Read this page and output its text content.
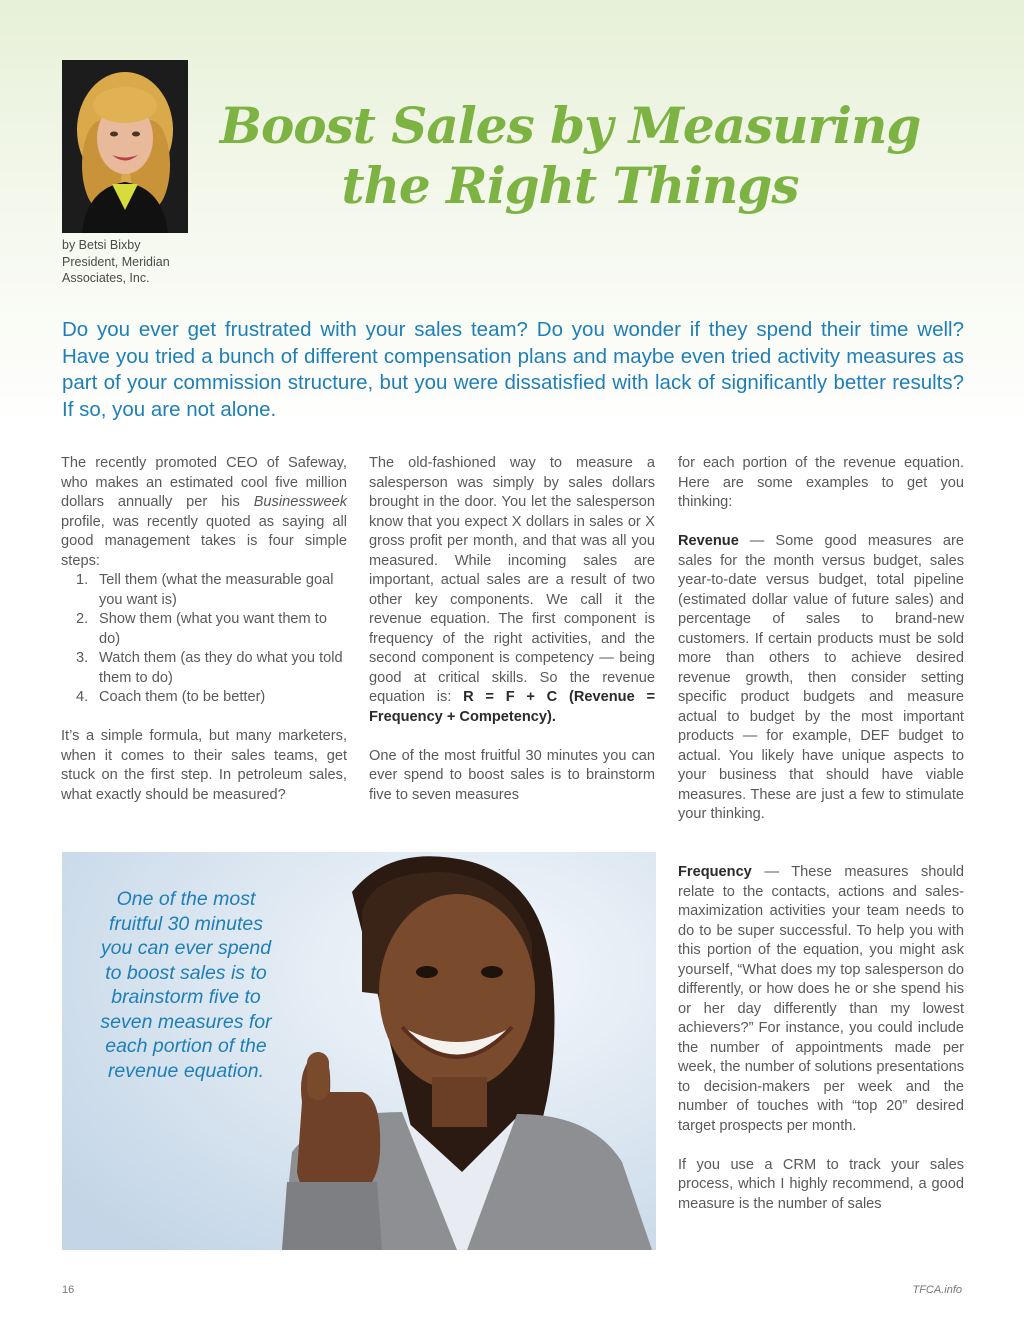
by Betsi Bixby
President, Meridian
Associates, Inc.
Boost Sales by Measuring
the Right Things

Do you ever get frustrated with your sales team? Do you wonder if they spend their time well? Have you tried a bunch of different compensation plans and maybe even tried activity measures as part of your commission structure, but you were dissatisfied with lack of significantly better results? If so, you are not alone.

The recently promoted CEO of Safeway, who makes an estimated cool five million dollars annually per his Businessweek profile, was recently quoted as saying all good management takes is four simple steps:

1. Tell them (what the measurable goal you want is)
2. Show them (what you want them to do)
3. Watch them (as they do what you told them to do)
4. Coach them (to be better)

It’s a simple formula, but many marketers, when it comes to their sales teams, get stuck on the first step. In petroleum sales, what exactly should be measured?

The old-fashioned way to measure a salesperson was simply by sales dollars brought in the door. You let the salesperson know that you expect X dollars in sales or X gross profit per month, and that was all you measured. While incoming sales are important, actual sales are a result of two other key components. We call it the revenue equation. The first component is frequency of the right activities, and the second component is competency — being good at critical skills. So the revenue equation is: R = F + C (Revenue = Frequency + Competency).

One of the most fruitful 30 minutes you can ever spend to boost sales is to brainstorm five to seven measures

for each portion of the revenue equation. Here are some examples to get you thinking:

Revenue — Some good measures are sales for the month versus budget, sales year-to-date versus budget, total pipeline (estimated dollar value of future sales) and percentage of sales to brand-new customers. If certain products must be sold more than others to achieve desired revenue growth, then consider setting specific product budgets and measure actual to budget by the most important products — for example, DEF budget to actual. You likely have unique aspects to your business that should have viable measures. These are just a few to stimulate your thinking.

Frequency — These measures should relate to the contacts, actions and sales-maximization activities your team needs to do to be super successful. To help you with this portion of the equation, you might ask yourself, “What does my top salesperson do differently, or how does he or she spend his or her day differently than my lowest achievers?” For instance, you could include the number of appointments made per week, the number of solutions presentations to decision-makers per week and the number of touches with “top 20” desired target prospects per month.

If you use a CRM to track your sales process, which I highly recommend, a good measure is the number of sales

One of the most
fruitful 30 minutes
you can ever spend
to boost sales is to
brainstorm five to
seven measures for
each portion of the
revenue equation.
16	TFCA.info
